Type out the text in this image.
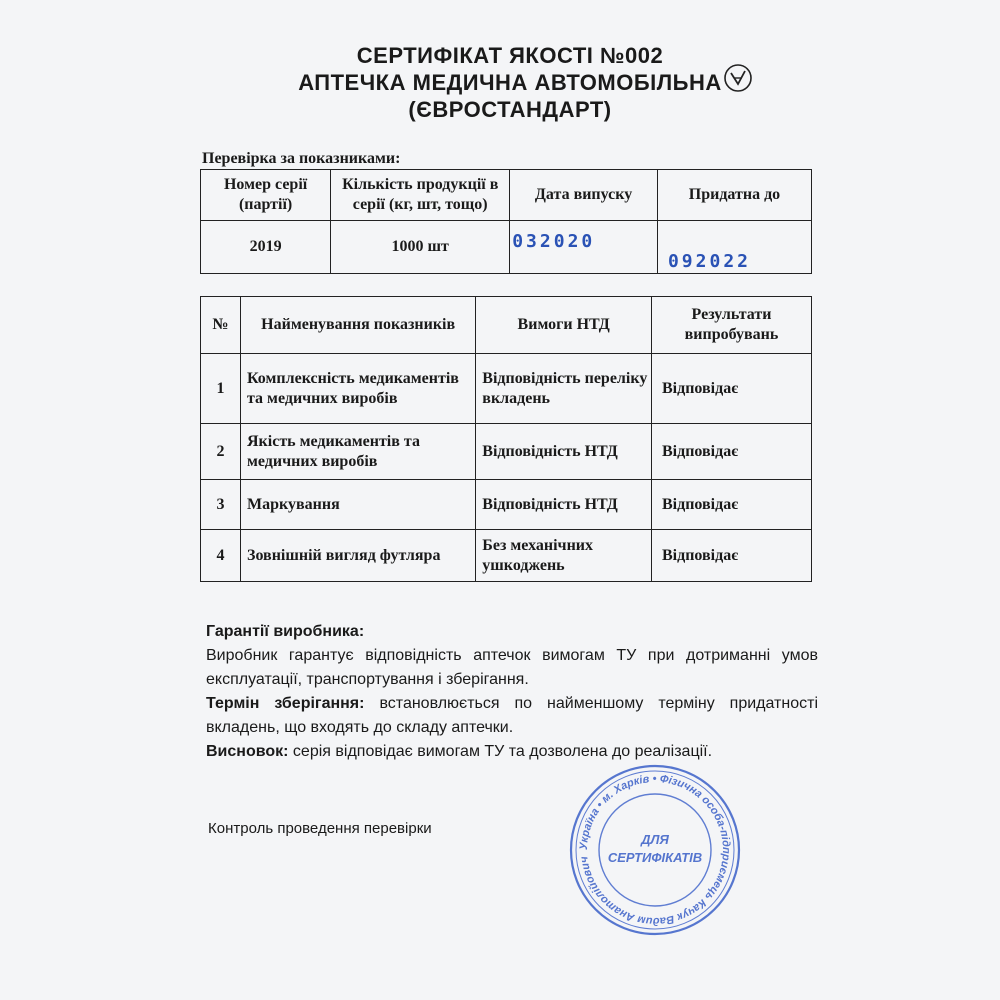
СЕРТИФІКАТ ЯКОСТІ №002
АПТЕЧКА МЕДИЧНА АВТОМОБІЛЬНА
(ЄВРОСТАНДАРТ)
Перевірка за показниками:
Номер серії (партії)	Кількість продукції в серії (кг, шт, тощо)	Дата випуску	Придатна до
2019	1000 шт	032020	092022
№	Найменування показників	Вимоги НТД	Результати випробувань
1	Комплексність медикаментів та медичних виробів	Відповідність переліку вкладень	Відповідає
2	Якість медикаментів та медичних виробів	Відповідність НТД	Відповідає
3	Маркування	Відповідність НТД	Відповідає
4	Зовнішній вигляд футляра	Без механічних ушкоджень	Відповідає
Гарантії виробника:
Виробник гарантує відповідність аптечок вимогам ТУ при дотриманні умов експлуатації, транспортування і зберігання.
Термін зберігання: встановлюється по найменшому терміну придатності вкладень, що входять до складу аптечки.
Висновок: серія відповідає вимогам ТУ та дозволена до реалізації.
Контроль проведення перевірки
Україна • м. Харків • Фізична особа-підприємець Качук Вадим Анатолійович
ДЛЯ
СЕРТИФІКАТІВ
